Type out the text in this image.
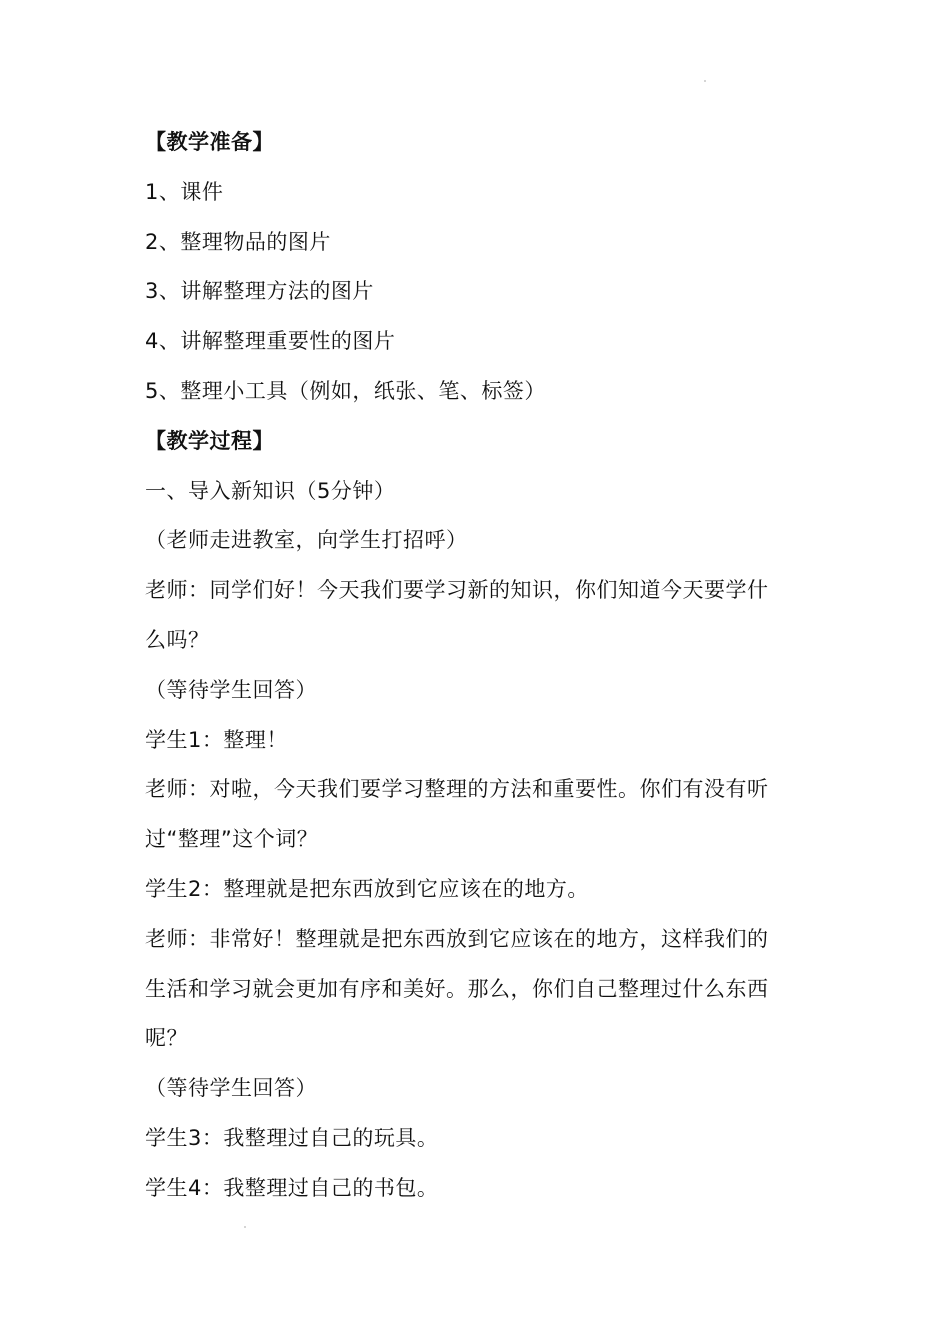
【教学准备】
1、课件
2、整理物品的图片
3、讲解整理方法的图片
4、讲解整理重要性的图片
5、整理小工具（例如，纸张、笔、标签）
【教学过程】
一、导入新知识（5分钟）
（老师走进教室，向学生打招呼）
老师：同学们好！今天我们要学习新的知识，你们知道今天要学什
么吗？
（等待学生回答）
学生1：整理！
老师：对啦，今天我们要学习整理的方法和重要性。你们有没有听
过“整理”这个词？
学生2：整理就是把东西放到它应该在的地方。
老师：非常好！整理就是把东西放到它应该在的地方，这样我们的
生活和学习就会更加有序和美好。那么，你们自己整理过什么东西
呢？
（等待学生回答）
学生3：我整理过自己的玩具。
学生4：我整理过自己的书包。
